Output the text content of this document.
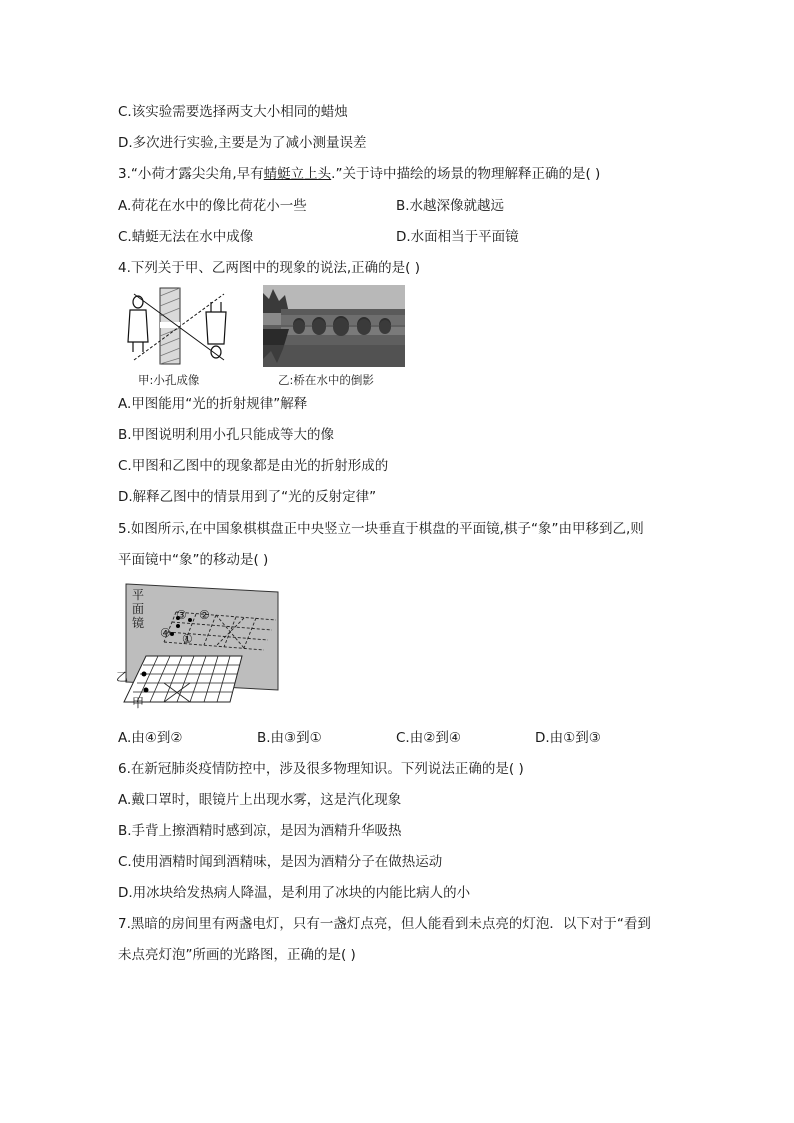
C.该实验需要选择两支大小相同的蜡烛
D.多次进行实验,主要是为了减小测量误差
3.“小荷才露尖尖角,早有蜻蜓立上头.”关于诗中描绘的场景的物理解释正确的是( )
A.荷花在水中的像比荷花小一些	B.水越深像就越远
C.蜻蜓无法在水中成像	D.水面相当于平面镜
4.下列关于甲、乙两图中的现象的说法,正确的是( )
甲:小孔成像	乙:桥在水中的倒影
A.甲图能用“光的折射规律”解释
B.甲图说明利用小孔只能成等大的像
C.甲图和乙图中的现象都是由光的折射形成的
D.解释乙图中的情景用到了“光的反射定律”
5.如图所示,在中国象棋棋盘正中央竖立一块垂直于棋盘的平面镜,棋子“象”由甲移到乙,则
平面镜中“象”的移动是( )
平
面
镜
③ ②
④ ①
乙
甲
A.由④到②	B.由③到①	C.由②到④	D.由①到③
6.在新冠肺炎疫情防控中，涉及很多物理知识。下列说法正确的是( )
A.戴口罩时，眼镜片上出现水雾，这是汽化现象
B.手背上擦酒精时感到凉，是因为酒精升华吸热
C.使用酒精时闻到酒精味，是因为酒精分子在做热运动
D.用冰块给发热病人降温，是利用了冰块的内能比病人的小
7.黑暗的房间里有两盏电灯，只有一盏灯点亮，但人能看到未点亮的灯泡．以下对于“看到
未点亮灯泡”所画的光路图，正确的是( )
